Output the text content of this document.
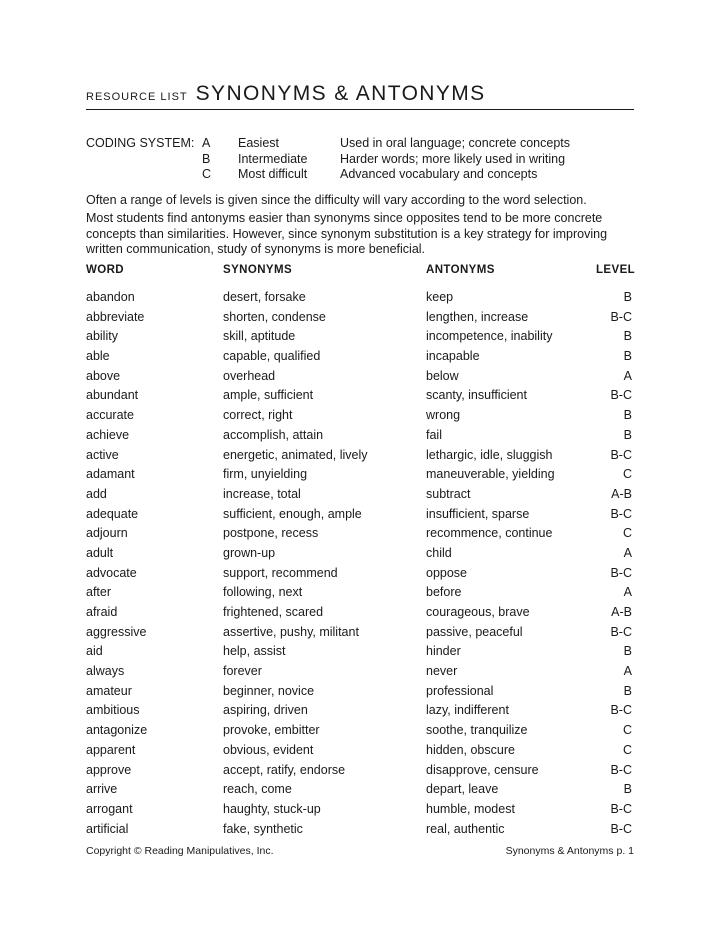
RESOURCE LIST SYNONYMS & ANTONYMS
CODING SYSTEM: A	Easiest	Used in oral language; concrete concepts
B	Intermediate	Harder words; more likely used in writing
C	Most difficult	Advanced vocabulary and concepts
Often a range of levels is given since the difficulty will vary according to the word selection.
Most students find antonyms easier than synonyms since opposites tend to be more concrete concepts than similarities. However, since synonym substitution is a key strategy for improving written communication, study of synonyms is more beneficial.
WORD	SYNONYMS	ANTONYMS	LEVEL
abandon	desert, forsake	keep	B
abbreviate	shorten, condense	lengthen, increase	B-C
ability	skill, aptitude	incompetence, inability	B
able	capable, qualified	incapable	B
above	overhead	below	A
abundant	ample, sufficient	scanty, insufficient	B-C
accurate	correct, right	wrong	B
achieve	accomplish, attain	fail	B
active	energetic, animated, lively	lethargic, idle, sluggish	B-C
adamant	firm, unyielding	maneuverable, yielding	C
add	increase, total	subtract	A-B
adequate	sufficient, enough, ample	insufficient, sparse	B-C
adjourn	postpone, recess	recommence, continue	C
adult	grown-up	child	A
advocate	support, recommend	oppose	B-C
after	following, next	before	A
afraid	frightened, scared	courageous, brave	A-B
aggressive	assertive, pushy, militant	passive, peaceful	B-C
aid	help, assist	hinder	B
always	forever	never	A
amateur	beginner, novice	professional	B
ambitious	aspiring, driven	lazy, indifferent	B-C
antagonize	provoke, embitter	soothe, tranquilize	C
apparent	obvious, evident	hidden, obscure	C
approve	accept, ratify, endorse	disapprove, censure	B-C
arrive	reach, come	depart, leave	B
arrogant	haughty, stuck-up	humble, modest	B-C
artificial	fake, synthetic	real, authentic	B-C
Copyright © Reading Manipulatives, Inc.	Synonyms & Antonyms p. 1
